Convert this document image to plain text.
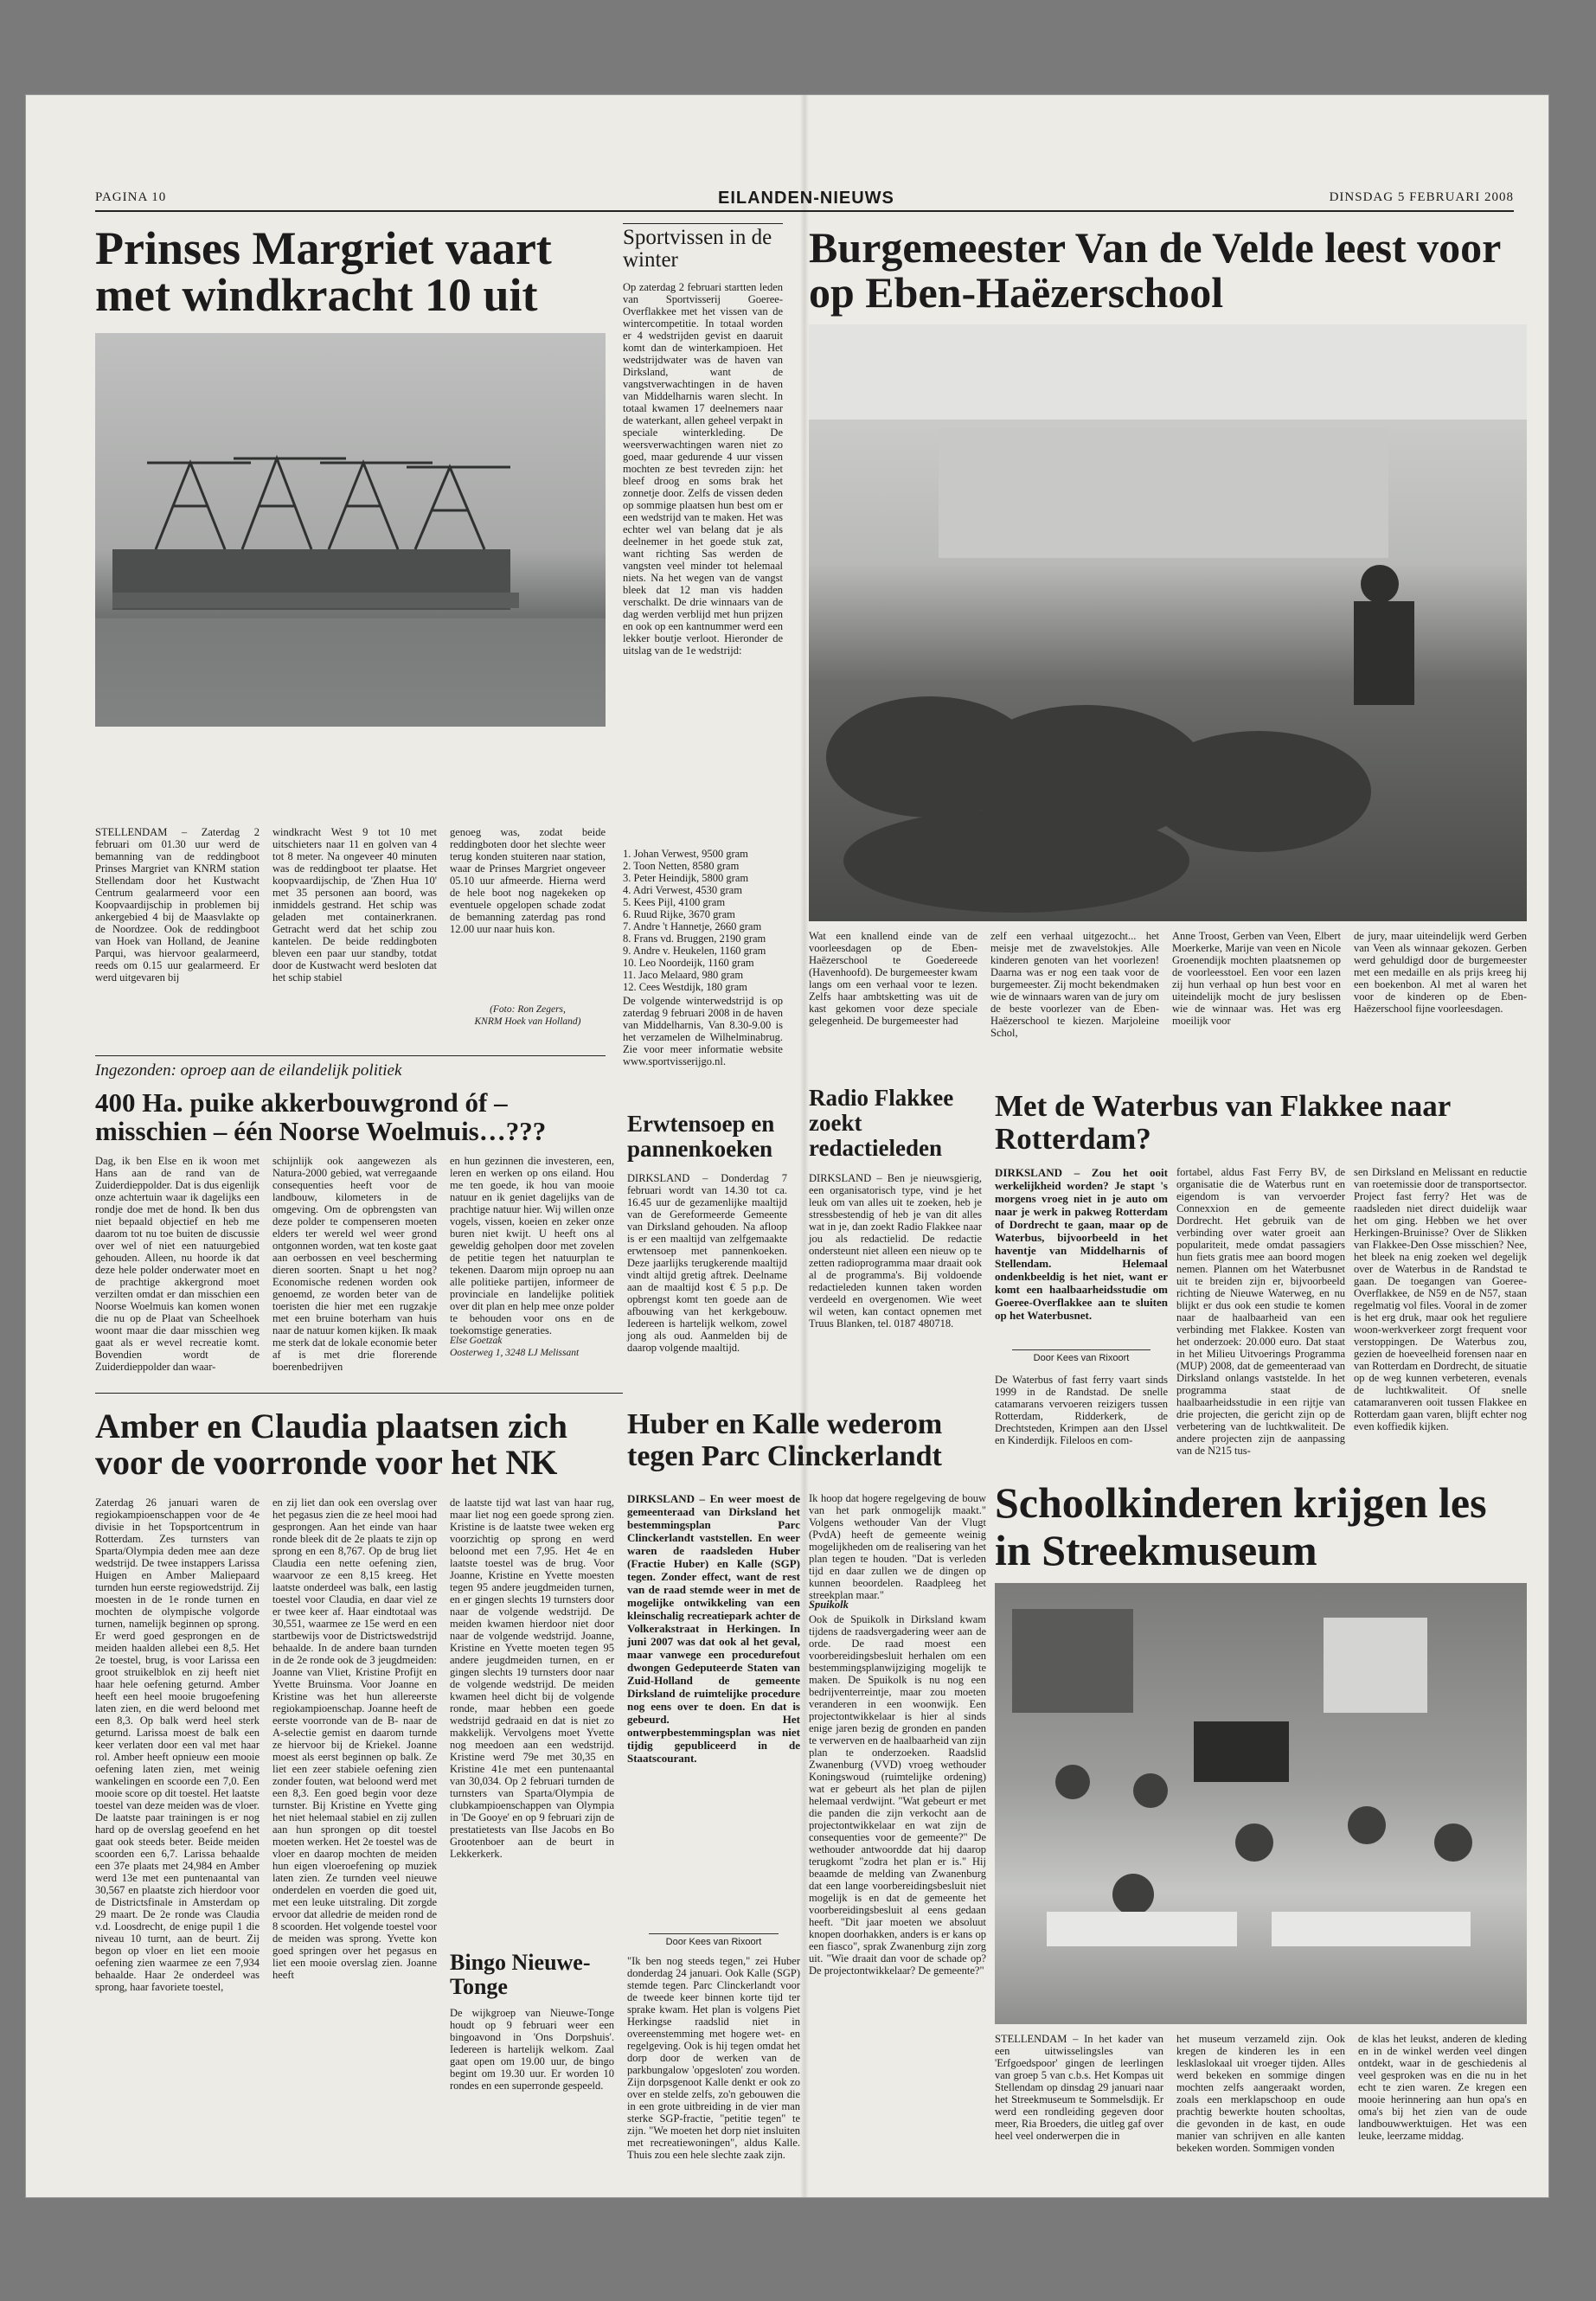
PAGINA 10	EILANDEN-NIEUWS	DINSDAG 5 FEBRUARI 2008
Prinses Margriet vaart met windkracht 10 uit
STELLENDAM – Zaterdag 2 februari om 01.30 uur werd de bemanning van de reddingboot Prinses Margriet van KNRM station Stellendam door het Kustwacht Centrum gealarmeerd voor een Koopvaardijschip in problemen bij ankergebied 4 bij de Maasvlakte op de Noordzee. Ook de reddingboot van Hoek van Holland, de Jeanine Parqui, was hiervoor gealarmeerd, reeds om 0.15 uur gealarmeerd. Er werd uitgevaren bij
windkracht West 9 tot 10 met uitschieters naar 11 en golven van 4 tot 8 meter. Na ongeveer 40 minuten was de reddingboot ter plaatse. Het koopvaardijschip, de 'Zhen Hua 10' met 35 personen aan boord, was inmiddels gestrand. Het schip was geladen met containerkranen. Getracht werd dat het schip zou kantelen. De beide reddingboten bleven een paar uur standby, totdat door de Kustwacht werd besloten dat het schip stabiel
genoeg was, zodat beide reddingboten door het slechte weer terug konden stuiteren naar station, waar de Prinses Margriet ongeveer 05.10 uur afmeerde. Hierna werd de hele boot nog nagekeken op eventuele opgelopen schade zodat de bemanning zaterdag pas rond 12.00 uur naar huis kon.
(Foto: Ron Zegers,
KNRM Hoek van Holland)
Sportvissen in de winter
Op zaterdag 2 februari startten leden van Sportvisserij Goeree-Overflakkee met het vissen van de wintercompetitie. In totaal worden er 4 wedstrijden gevist en daaruit komt dan de winterkampioen. Het wedstrijdwater was de haven van Dirksland, want de vangstverwachtingen in de haven van Middelharnis waren slecht. In totaal kwamen 17 deelnemers naar de waterkant, allen geheel verpakt in speciale winterkleding. De weersverwachtingen waren niet zo goed, maar gedurende 4 uur vissen mochten ze best tevreden zijn: het bleef droog en soms brak het zonnetje door. Zelfs de vissen deden op sommige plaatsen hun best om er een wedstrijd van te maken. Het was echter wel van belang dat je als deelnemer in het goede stuk zat, want richting Sas werden de vangsten veel minder tot helemaal niets. Na het wegen van de vangst bleek dat 12 man vis hadden verschalkt. De drie winnaars van de dag werden verblijd met hun prijzen en ook op een kantnummer werd een lekker boutje verloot. Hieronder de uitslag van de 1e wedstrijd:
1. Johan Verwest, 9500 gram
2. Toon Netten, 8580 gram
3. Peter Heindijk, 5800 gram
4. Adri Verwest, 4530 gram
5. Kees Pijl, 4100 gram
6. Ruud Rijke, 3670 gram
7. Andre 't Hannetje, 2660 gram
8. Frans vd. Bruggen, 2190 gram
9. Andre v. Heukelen, 1160 gram
10. Leo Noordeijk, 1160 gram
11. Jaco Melaard, 980 gram
12. Cees Westdijk, 180 gram
De volgende winterwedstrijd is op zaterdag 9 februari 2008 in de haven van Middelharnis, Van 8.30-9.00 is het verzamelen de Wilhelminabrug. Zie voor meer informatie website www.sportvisserijgo.nl.
Burgemeester Van de Velde leest voor op Eben-Haëzerschool
Wat een knallend einde van de voorleesdagen op de Eben-Haëzerschool te Goedereede (Havenhoofd). De burgemeester kwam langs om een verhaal voor te lezen. Zelfs haar ambtsketting was uit de kast gekomen voor deze speciale gelegenheid. De burgemeester had
zelf een verhaal uitgezocht... het meisje met de zwavelstokjes. Alle kinderen genoten van het voorlezen! Daarna was er nog een taak voor de burgemeester. Zij mocht bekendmaken wie de winnaars waren van de jury om de beste voorlezer van de Eben-Haëzerschool te kiezen. Marjoleine Schol,
Anne Troost, Gerben van Veen, Elbert Moerkerke, Marije van veen en Nicole Groenendijk mochten plaatsnemen op de voorleesstoel. Een voor een lazen zij hun verhaal op hun best voor en uiteindelijk mocht de jury beslissen wie de winnaar was. Het was erg moeilijk voor
de jury, maar uiteindelijk werd Gerben van Veen als winnaar gekozen. Gerben werd gehuldigd door de burgemeester met een medaille en als prijs kreeg hij een boekenbon. Al met al waren het voor de kinderen op de Eben-Haëzerschool fijne voorleesdagen.
Ingezonden: oproep aan de eilandelijk politiek
400 Ha. puike akkerbouwgrond óf – misschien – één Noorse Woelmuis…???
Dag, ik ben Else en ik woon met Hans aan de rand van de Zuiderdieppolder. Dat is dus eigenlijk onze achtertuin waar ik dagelijks een rondje doe met de hond. Ik ben dus niet bepaald objectief en heb me daarom tot nu toe buiten de discussie over wel of niet een natuurgebied gehouden. Alleen, nu hoorde ik dat deze hele polder onderwater moet en de prachtige akkergrond moet verzilten omdat er dan misschien een Noorse Woelmuis kan komen wonen die nu op de Plaat van Scheelhoek woont maar die daar misschien weg gaat als er wevel recreatie komt. Bovendien wordt de Zuiderdieppolder dan waar-
schijnlijk ook aangewezen als Natura-2000 gebied, wat verregaande consequenties heeft voor de landbouw, kilometers in de omgeving. Om de opbrengsten van deze polder te compenseren moeten elders ter wereld wel weer grond ontgonnen worden, wat ten koste gaat aan oerbossen en veel bescherming dieren soorten. Snapt u het nog? Economische redenen worden ook genoemd, ze worden beter van de toeristen die hier met een rugzakje met een bruine boterham van huis naar de natuur komen kijken. Ik maak me sterk dat de lokale economie beter af is met drie florerende boerenbedrijven
en hun gezinnen die investeren, een, leren en werken op ons eiland. Hou me ten goede, ik hou van mooie natuur en ik geniet dagelijks van de prachtige natuur hier. Wij willen onze vogels, vissen, koeien en zeker onze buren niet kwijt. U heeft ons al geweldig geholpen door met zovelen de petitie tegen het natuurplan te tekenen. Daarom mijn oproep nu aan alle politieke partijen, informeer de provinciale en landelijke politiek over dit plan en help mee onze polder te behouden voor ons en de toekomstige generaties.
Else Goetzak
Oosterweg 1, 3248 LJ Melissant
Erwtensoep en pannenkoeken
DIRKSLAND – Donderdag 7 februari wordt van 14.30 tot ca. 16.45 uur de gezamenlijke maaltijd van de Gereformeerde Gemeente van Dirksland gehouden. Na afloop is er een maaltijd van zelfgemaakte erwtensoep met pannenkoeken. Deze jaarlijks terugkerende maaltijd vindt altijd gretig aftrek. Deelname aan de maaltijd kost € 5 p.p. De opbrengst komt ten goede aan de afbouwing van het kerkgebouw. Iedereen is hartelijk welkom, zowel jong als oud. Aanmelden bij de daarop volgende maaltijd.
Radio Flakkee zoekt redactieleden
DIRKSLAND – Ben je nieuwsgierig, een organisatorisch type, vind je het leuk om van alles uit te zoeken, heb je stressbestendig of heb je van dit alles wat in je, dan zoekt Radio Flakkee naar jou als redactielid. De redactie ondersteunt niet alleen een nieuw op te zetten radioprogramma maar draait ook al de programma's. Bij voldoende redactieleden kunnen taken worden verdeeld en overgenomen. Wie weet wil weten, kan contact opnemen met Truus Blanken, tel. 0187 480718.
Met de Waterbus van Flakkee naar Rotterdam?
DIRKSLAND – Zou het ooit werkelijkheid worden? Je stapt 's morgens vroeg niet in je auto om naar je werk in pakweg Rotterdam of Dordrecht te gaan, maar op de Waterbus, bijvoorbeeld in het haventje van Middelharnis of Stellendam. Helemaal ondenkbeeldig is het niet, want er komt een haalbaarheidsstudie om Goeree-Overflakkee aan te sluiten op het Waterbusnet.
Door Kees van Rixoort
De Waterbus of fast ferry vaart sinds 1999 in de Randstad. De snelle catamarans vervoeren reizigers tussen Rotterdam, Ridderkerk, de Drechtsteden, Krimpen aan den IJssel en Kinderdijk. Fileloos en com-
fortabel, aldus Fast Ferry BV, de organisatie die de Waterbus runt en eigendom is van vervoerder Connexxion en de gemeente Dordrecht. Het gebruik van de verbinding over water groeit aan populariteit, mede omdat passagiers hun fiets gratis mee aan boord mogen nemen. Plannen om het Waterbusnet uit te breiden zijn er, bijvoorbeeld richting de Nieuwe Waterweg, en nu blijkt er dus ook een studie te komen naar de haalbaarheid van een verbinding met Flakkee. Kosten van het onderzoek: 20.000 euro. Dat staat in het Milieu Uitvoerings Programma (MUP) 2008, dat de gemeenteraad van Dirksland onlangs vaststelde. In het programma staat de haalbaarheidsstudie in een rijtje van drie projecten, die gericht zijn op de verbetering van de luchtkwaliteit. De andere projecten zijn de aanpassing van de N215 tus-
sen Dirksland en Melissant en reductie van roetemissie door de transportsector. Project fast ferry? Het was de raadsleden niet direct duidelijk waar het om ging. Hebben we het over Herkingen-Bruinisse? Over de Slikken van Flakkee-Den Osse misschien? Nee, het bleek na enig zoeken wel degelijk over de Waterbus in de Randstad te gaan. De toegangen van Goeree-Overflakkee, de N59 en de N57, staan regelmatig vol files. Vooral in de zomer is het erg druk, maar ook het reguliere woon-werkverkeer zorgt frequent voor verstoppingen. De Waterbus zou, gezien de hoeveelheid forensen naar en van Rotterdam en Dordrecht, de situatie op de weg kunnen verbeteren, evenals de luchtkwaliteit. Of snelle catamaranveren ooit tussen Flakkee en Rotterdam gaan varen, blijft echter nog even koffiedik kijken.
Amber en Claudia plaatsen zich voor de voorronde voor het NK
Zaterdag 26 januari waren de regiokampioenschappen voor de 4e divisie in het Topsportcentrum in Rotterdam. Zes turnsters van Sparta/Olympia deden mee aan deze wedstrijd. De twee instappers Larissa Huigen en Amber Maliepaard turnden hun eerste regiowedstrijd. Zij moesten in de 1e ronde turnen en mochten de olympische volgorde turnen, namelijk beginnen op sprong. Er werd goed gesprongen en de meiden haalden allebei een 8,5. Het 2e toestel, brug, is voor Larissa een groot struikelblok en zij heeft niet haar hele oefening geturnd. Amber heeft een heel mooie brugoefening laten zien, en die werd beloond met een 8,3. Op balk werd heel sterk geturnd. Larissa moest de balk een keer verlaten door een val met haar rol. Amber heeft opnieuw een mooie oefening laten zien, met weinig wankelingen en scoorde een 7,0. Een mooie score op dit toestel. Het laatste toestel van deze meiden was de vloer. De laatste paar trainingen is er nog hard op de overslag geoefend en het gaat ook steeds beter. Beide meiden scoorden een 6,7. Larissa behaalde een 37e plaats met 24,984 en Amber werd 13e met een puntenaantal van 30,567 en plaatste zich hierdoor voor de Districtsfinale in Amsterdam op 29 maart. De 2e ronde was Claudia v.d. Loosdrecht, de enige pupil 1 die niveau 10 turnt, aan de beurt. Zij begon op vloer en liet een mooie oefening zien waarmee ze een 7,934 behaalde. Haar 2e onderdeel was sprong, haar favoriete toestel,
en zij liet dan ook een overslag over het pegasus zien die ze heel mooi had gesprongen. Aan het einde van haar ronde bleek dit de 2e plaats te zijn op sprong en een 8,767. Op de brug liet Claudia een nette oefening zien, waarvoor ze een 8,15 kreeg. Het laatste onderdeel was balk, een lastig toestel voor Claudia, en daar viel ze er twee keer af. Haar eindtotaal was 30,551, waarmee ze 15e werd en een startbewijs voor de Districtswedstrijd behaalde. In de andere baan turnden in de 2e ronde ook de 3 jeugdmeiden: Joanne van Vliet, Kristine Profijt en Yvette Bruinsma. Voor Joanne en Kristine was het hun allereerste regiokampioenschap. Joanne heeft de eerste voorronde van de B- naar de A-selectie gemist en daarom turnde ze hiervoor bij de Kriekel. Joanne moest als eerst beginnen op balk. Ze liet een zeer stabiele oefening zien zonder fouten, wat beloond werd met een 8,3. Een goed begin voor deze turnster. Bij Kristine en Yvette ging het niet helemaal stabiel en zij zullen aan hun sprongen op dit toestel moeten werken. Het 2e toestel was de vloer en daarop mochten de meiden hun eigen vloeroefening op muziek laten zien. Ze turnden veel nieuwe onderdelen en voerden die goed uit, met een leuke uitstraling. Dit zorgde ervoor dat alledrie de meiden rond de 8 scoorden. Het volgende toestel voor de meiden was sprong. Yvette kon goed springen over het pegasus en liet een mooie overslag zien. Joanne heeft
de laatste tijd wat last van haar rug, maar liet nog een goede sprong zien. Kristine is de laatste twee weken erg voorzichtig op sprong en werd beloond met een 7,95. Het 4e en laatste toestel was de brug. Voor Joanne, Kristine en Yvette moesten tegen 95 andere jeugdmeiden turnen, en er gingen slechts 19 turnsters door naar de volgende wedstrijd. De meiden kwamen hierdoor niet door naar de volgende wedstrijd. Joanne, Kristine en Yvette moeten tegen 95 andere jeugdmeiden turnen, en er gingen slechts 19 turnsters door naar de volgende wedstrijd. De meiden kwamen heel dicht bij de volgende ronde, maar hebben een goede wedstrijd gedraaid en dat is niet zo makkelijk. Vervolgens moet Yvette nog meedoen aan een wedstrijd. Kristine werd 79e met 30,35 en Kristine 41e met een puntenaantal van 30,034. Op 2 februari turnden de turnsters van Sparta/Olympia de clubkampioenschappen van Olympia in 'De Gooye' en op 9 februari zijn de prestatietests van Ilse Jacobs en Bo Grootenboer aan de beurt in Lekkerkerk.
Bingo Nieuwe-Tonge
De wijkgroep van Nieuwe-Tonge houdt op 9 februari weer een bingoavond in 'Ons Dorpshuis'. Iedereen is hartelijk welkom. Zaal gaat open om 19.00 uur, de bingo begint om 19.30 uur. Er worden 10 rondes en een superronde gespeeld.
Huber en Kalle wederom tegen Parc Clinckerlandt
DIRKSLAND – En weer moest de gemeenteraad van Dirksland het bestemmingsplan Parc Clinckerlandt vaststellen. En weer waren de raadsleden Huber (Fractie Huber) en Kalle (SGP) tegen. Zonder effect, want de rest van de raad stemde weer in met de mogelijke ontwikkeling van een kleinschalig recreatiepark achter de Volkerakstraat in Herkingen. In juni 2007 was dat ook al het geval, maar vanwege een procedurefout dwongen Gedeputeerde Staten van Zuid-Holland de gemeente Dirksland de ruimtelijke procedure nog eens over te doen. En dat is gebeurd. Het ontwerpbestemmingsplan was niet tijdig gepubliceerd in de Staatscourant.
Door Kees van Rixoort
"Ik ben nog steeds tegen," zei Huber donderdag 24 januari. Ook Kalle (SGP) stemde tegen. Parc Clinckerlandt voor de tweede keer binnen korte tijd ter sprake kwam. Het plan is volgens Piet Herkingse raadslid niet in overeenstemming met hogere wet- en regelgeving. Ook is hij tegen omdat het dorp door de werken van de parkbungalow 'opgesloten' zou worden. Zijn dorpsgenoot Kalle denkt er ook zo over en stelde zelfs, zo'n gebouwen die in een grote uitbreiding in de vier man sterke SGP-fractie, "petitie tegen" te zijn. "We moeten het dorp niet insluiten met recreatiewoningen", aldus Kalle. Thuis zou een hele slechte zaak zijn.
Ik hoop dat hogere regelgeving de bouw van het park onmogelijk maakt." Volgens wethouder Van der Vlugt (PvdA) heeft de gemeente weinig mogelijkheden om de realisering van het plan tegen te houden. "Dat is verleden tijd en daar zullen we de dingen op kunnen beoordelen. Raadpleeg het streekplan maar."
Spuikolk
Ook de Spuikolk in Dirksland kwam tijdens de raadsvergadering weer aan de orde. De raad moest een voorbereidingsbesluit herhalen om een bestemmingsplanwijziging mogelijk te maken. De Spuikolk is nu nog een bedrijventerreintje, maar zou moeten veranderen in een woonwijk. Een projectontwikkelaar is hier al sinds enige jaren bezig de gronden en panden te verwerven en de haalbaarheid van zijn plan te onderzoeken. Raadslid Zwanenburg (VVD) vroeg wethouder Koningswoud (ruimtelijke ordening) wat er gebeurt als het plan de pijlen helemaal verdwijnt. "Wat gebeurt er met die panden die zijn verkocht aan de projectontwikkelaar en wat zijn de consequenties voor de gemeente?" De wethouder antwoordde dat hij daarop terugkomt "zodra het plan er is." Hij beaamde de melding van Zwanenburg dat een lange voorbereidingsbesluit niet mogelijk is en dat de gemeente het voorbereidingsbesluit al eens gedaan heeft. "Dit jaar moeten we absoluut knopen doorhakken, anders is er kans op een fiasco", sprak Zwanenburg zijn zorg uit. "Wie draait dan voor de schade op? De projectontwikkelaar? De gemeente?"
Schoolkinderen krijgen les in Streekmuseum
STELLENDAM – In het kader van een uitwisselingsles van 'Erfgoedspoor' gingen de leerlingen van groep 5 van c.b.s. Het Kompas uit Stellendam op dinsdag 29 januari naar het Streekmuseum te Sommelsdijk. Er werd een rondleiding gegeven door meer, Ria Broeders, die uitleg gaf over heel veel onderwerpen die in
het museum verzameld zijn. Ook kregen de kinderen les in een lesklaslokaal uit vroeger tijden. Alles werd bekeken en sommige dingen mochten zelfs aangeraakt worden, zoals een merklapschoop en oude prachtig bewerkte houten schooltas, die gevonden in de kast, en oude manier van schrijven en alle kanten bekeken worden. Sommigen vonden
de klas het leukst, anderen de kleding en in de winkel werden veel dingen ontdekt, waar in de geschiedenis al veel gesproken was en die nu in het echt te zien waren. Ze kregen een mooie herinnering aan hun opa's en oma's bij het zien van de oude landbouwwerktuigen. Het was een leuke, leerzame middag.
